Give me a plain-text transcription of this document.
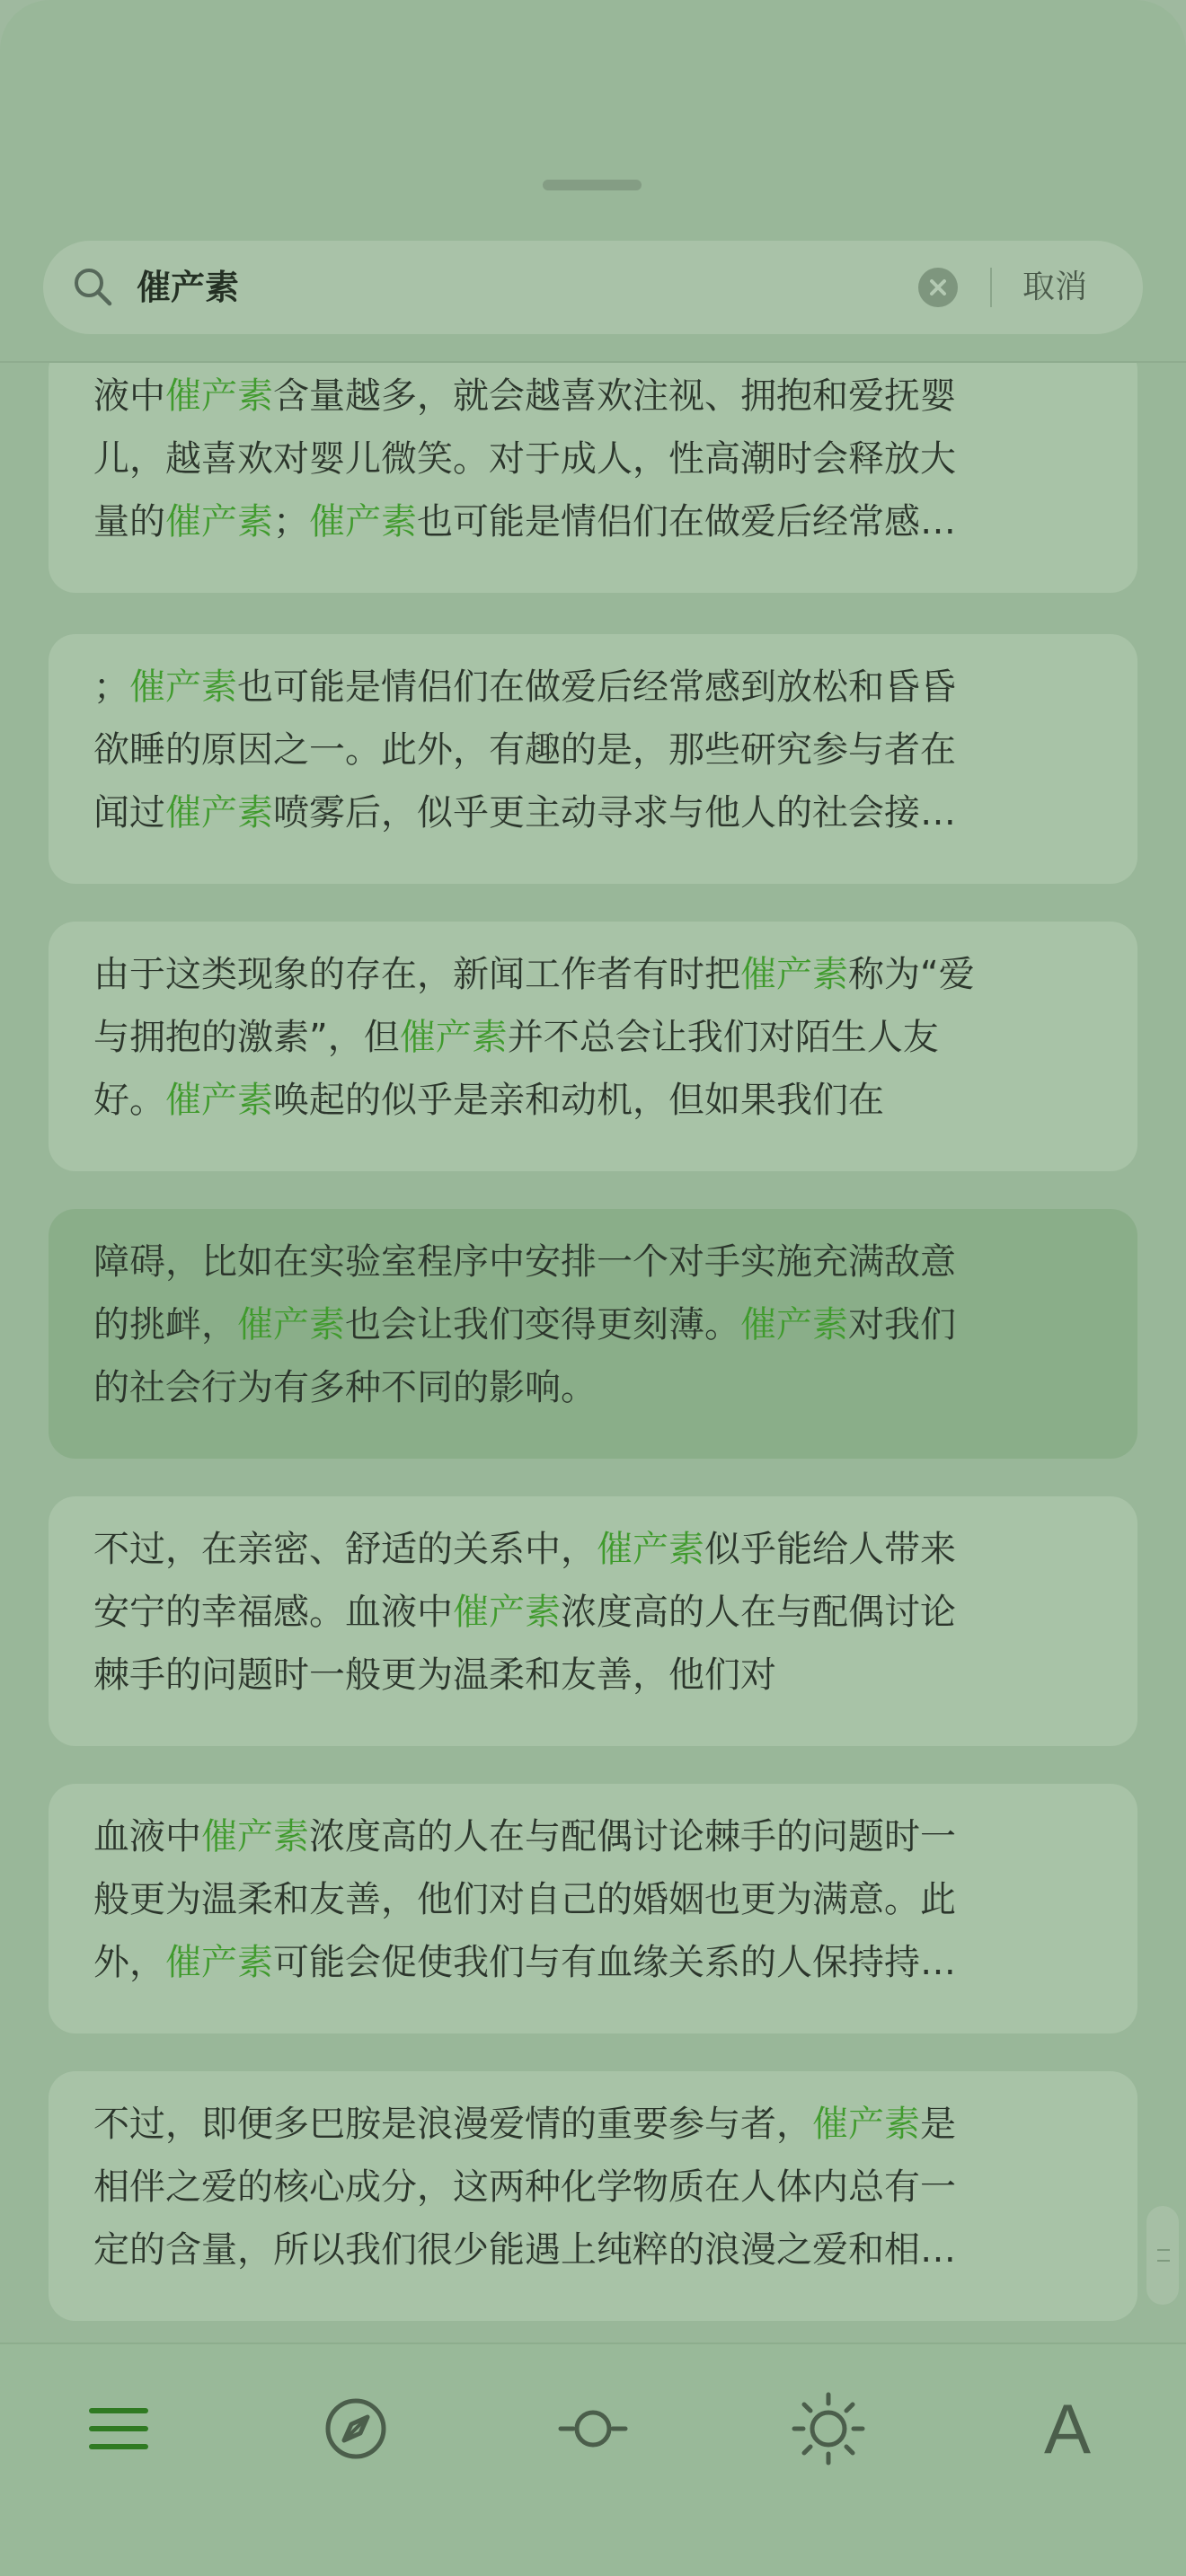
催产素	取消
液中催产素含量越多，就会越喜欢注视、拥抱和爱抚婴
儿，越喜欢对婴儿微笑。对于成人，性高潮时会释放大
量的催产素；催产素也可能是情侣们在做爱后经常感…
；催产素也可能是情侣们在做爱后经常感到放松和昏昏
欲睡的原因之一。此外，有趣的是，那些研究参与者在
闻过催产素喷雾后，似乎更主动寻求与他人的社会接…
由于这类现象的存在，新闻工作者有时把催产素称为“爱
与拥抱的激素”，但催产素并不总会让我们对陌生人友
好。催产素唤起的似乎是亲和动机，但如果我们在
障碍，比如在实验室程序中安排一个对手实施充满敌意
的挑衅，催产素也会让我们变得更刻薄。催产素对我们
的社会行为有多种不同的影响。
不过，在亲密、舒适的关系中，催产素似乎能给人带来
安宁的幸福感。血液中催产素浓度高的人在与配偶讨论
棘手的问题时一般更为温柔和友善，他们对
血液中催产素浓度高的人在与配偶讨论棘手的问题时一
般更为温柔和友善，他们对自己的婚姻也更为满意。此
外，催产素可能会促使我们与有血缘关系的人保持持…
不过，即便多巴胺是浪漫爱情的重要参与者，催产素是
相伴之爱的核心成分，这两种化学物质在人体内总有一
定的含量，所以我们很少能遇上纯粹的浪漫之爱和相…
A
